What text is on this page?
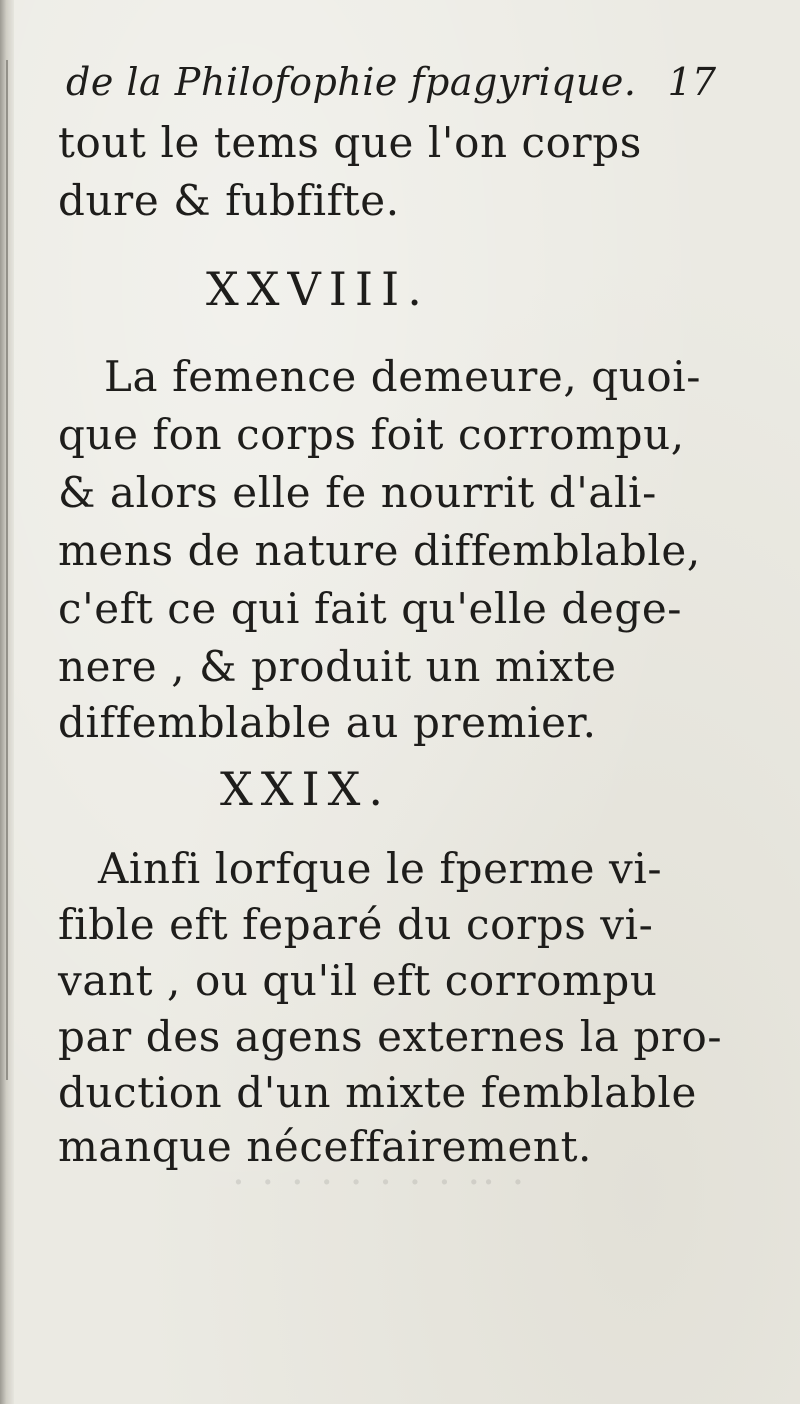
de la Philofophie fpagyrique. 17
tout le tems que l'on corps
dure & fubfifte.
XXVIII.
La femence demeure, quoi-
que fon corps foit corrompu,
& alors elle fe nourrit d'ali-
mens de nature diffemblable,
c'eft ce qui fait qu'elle dege-
nere , & produit un mixte
diffemblable au premier.
XXIX.
Ainfi lorfque le fperme vi-
fible eft feparé du corps vi-
vant , ou qu'il eft corrompu
par des agens externes la pro-
duction d'un mixte femblable
manque néceffairement.
· ·· · · · · · · · ·
